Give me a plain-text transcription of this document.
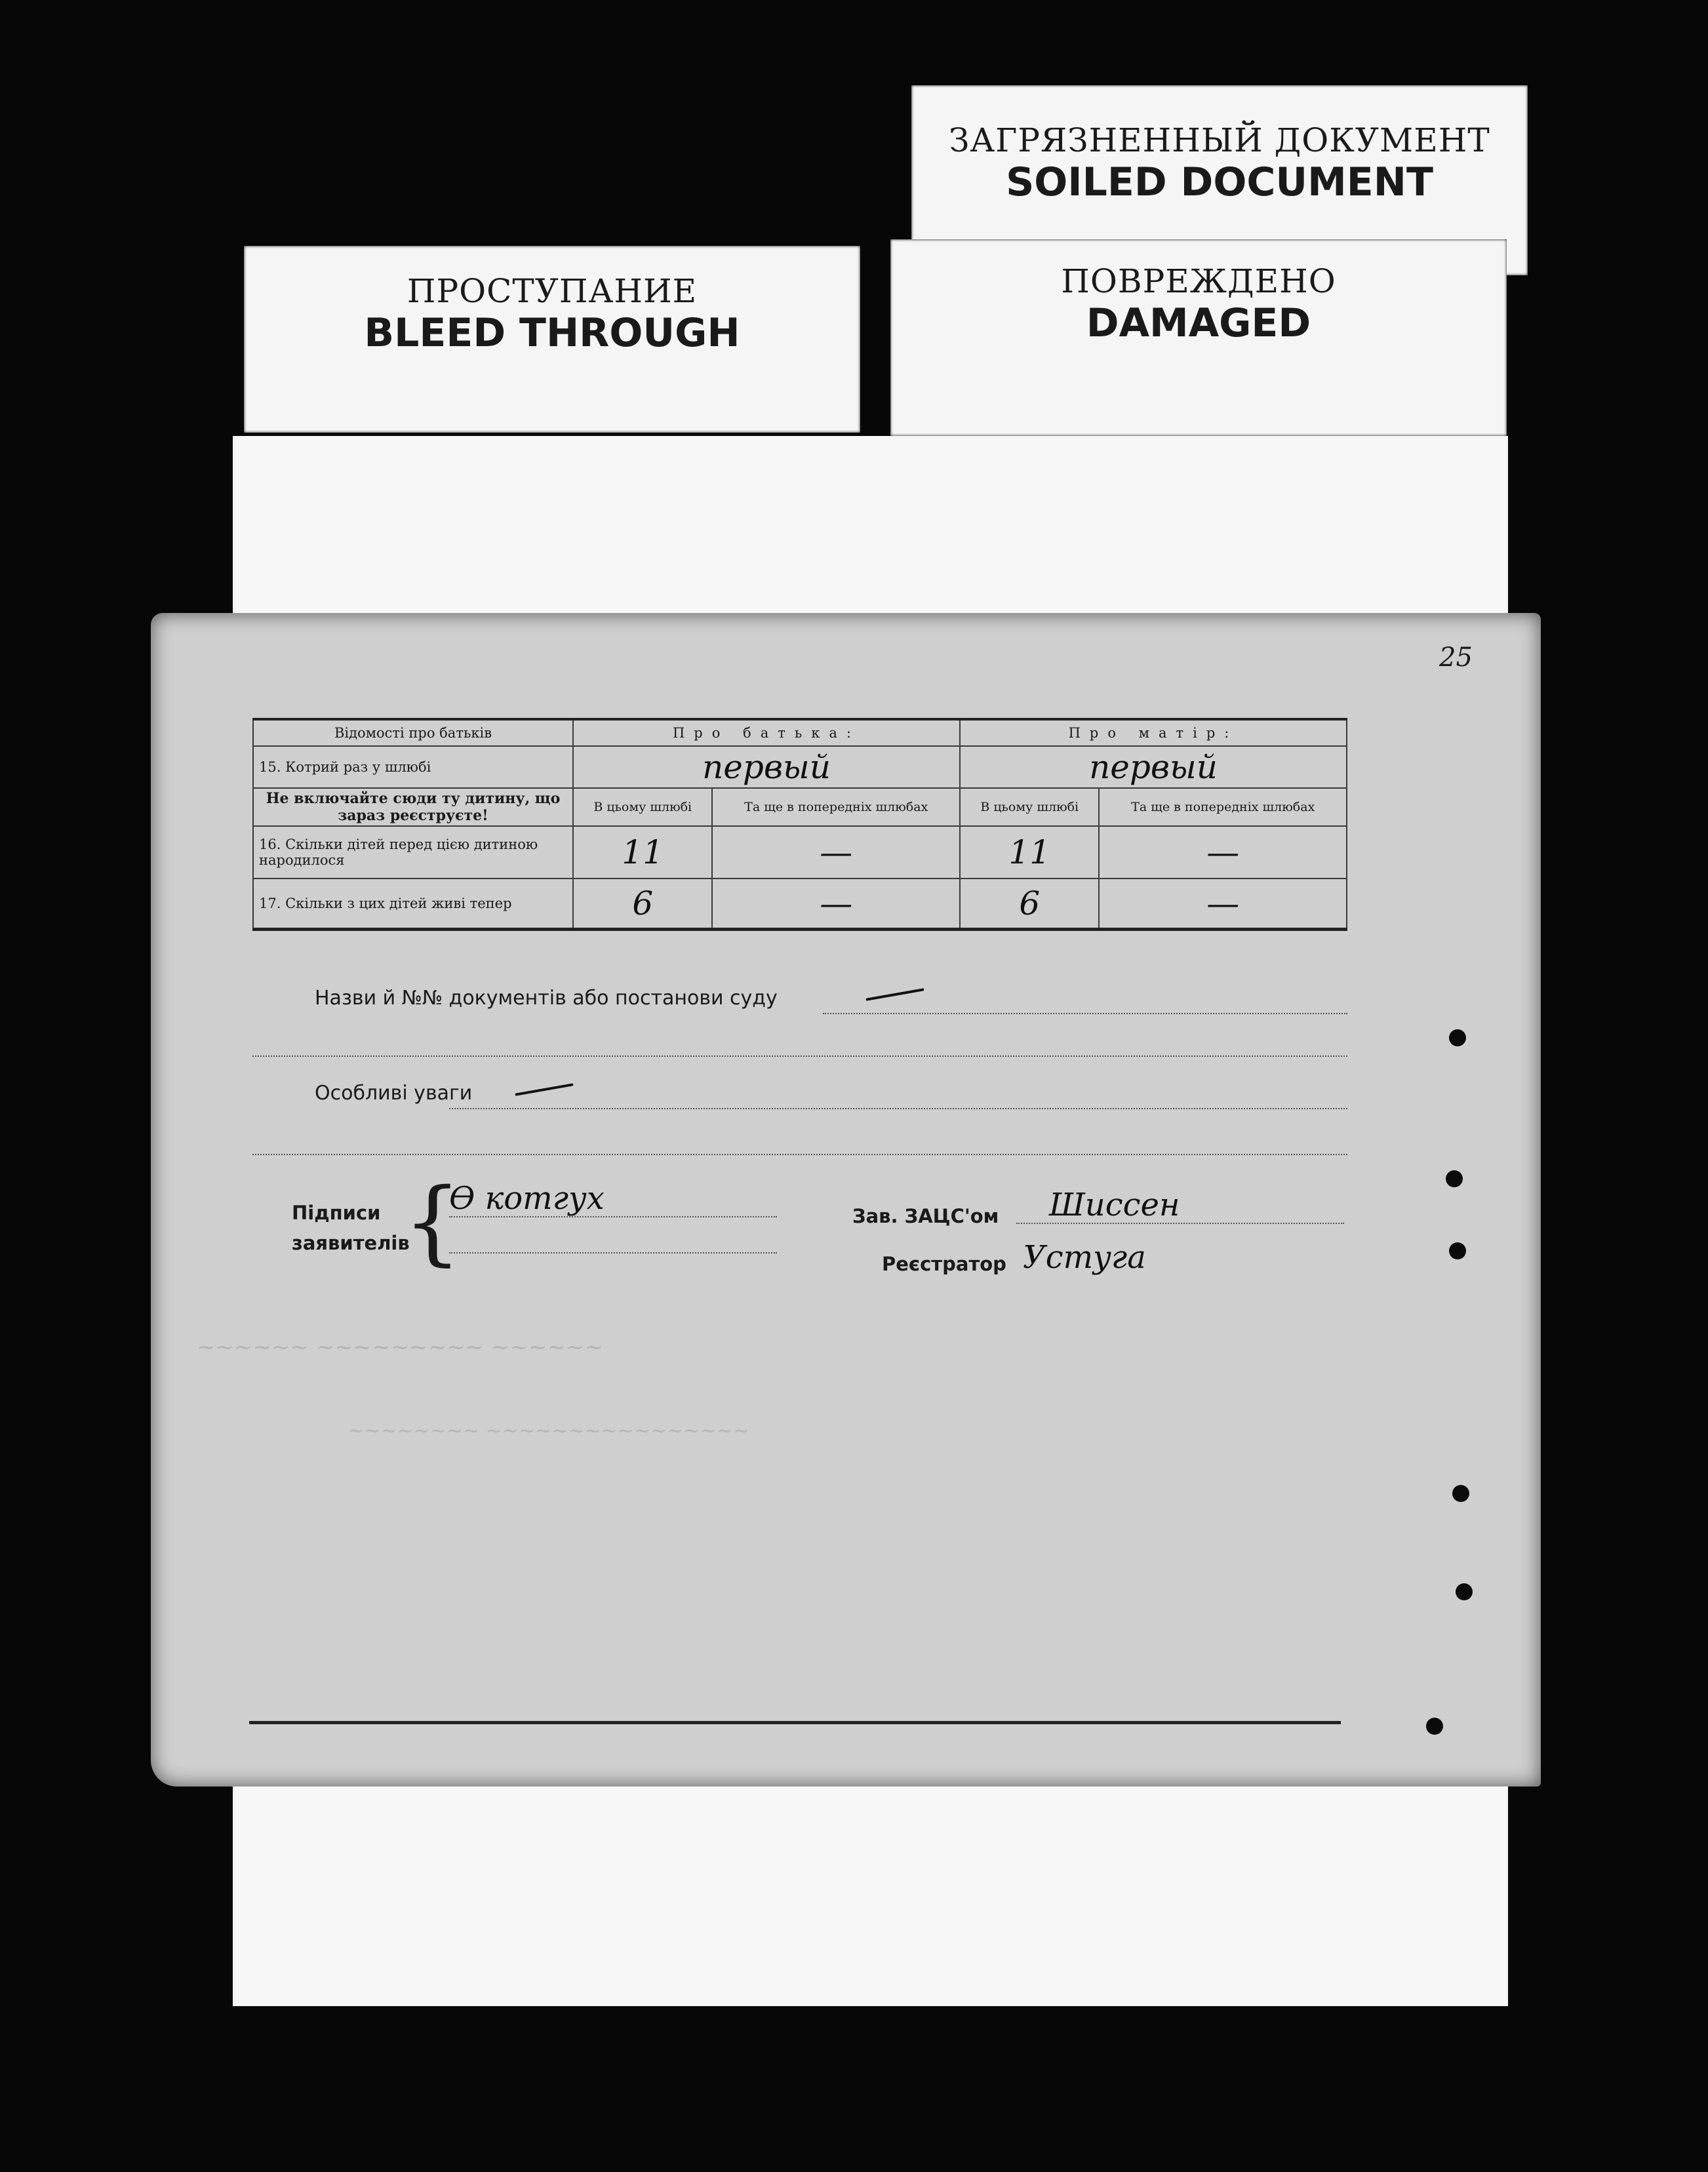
ЗАГРЯЗНЕННЫЙ ДОКУМЕНТ
SOILED DOCUMENT
ПРОСТУПАНИЕ
BLEED THROUGH
ПОВРЕЖДЕНО
DAMAGED
~~~~~~ ~~~~~~~~~ ~~~~~~
~~~~~~~~ ~~~~~~~~~~~~~~~~
25
Відомості про батьків	Про батька:		Про матір:	
15. Котрий раз у шлюбі	первый		первый	
Не включайте сюди ту дитину, що зараз реєструєте!	В цьому шлюбі	Та ще в попередніх шлюбах	В цьому шлюбі	Та ще в попередніх шлюбах
16. Скільки дітей перед цією дитиною народилося	11	—	11	—
17. Скільки з цих дітей живі тепер	6	—	6	—
Назви й №№ документів або постанови суду
Особливі уваги
Підписи
заявителів
{
Ө котгух	Зав. ЗАЦС'ом Шиссен
Реєстратор Устуга
